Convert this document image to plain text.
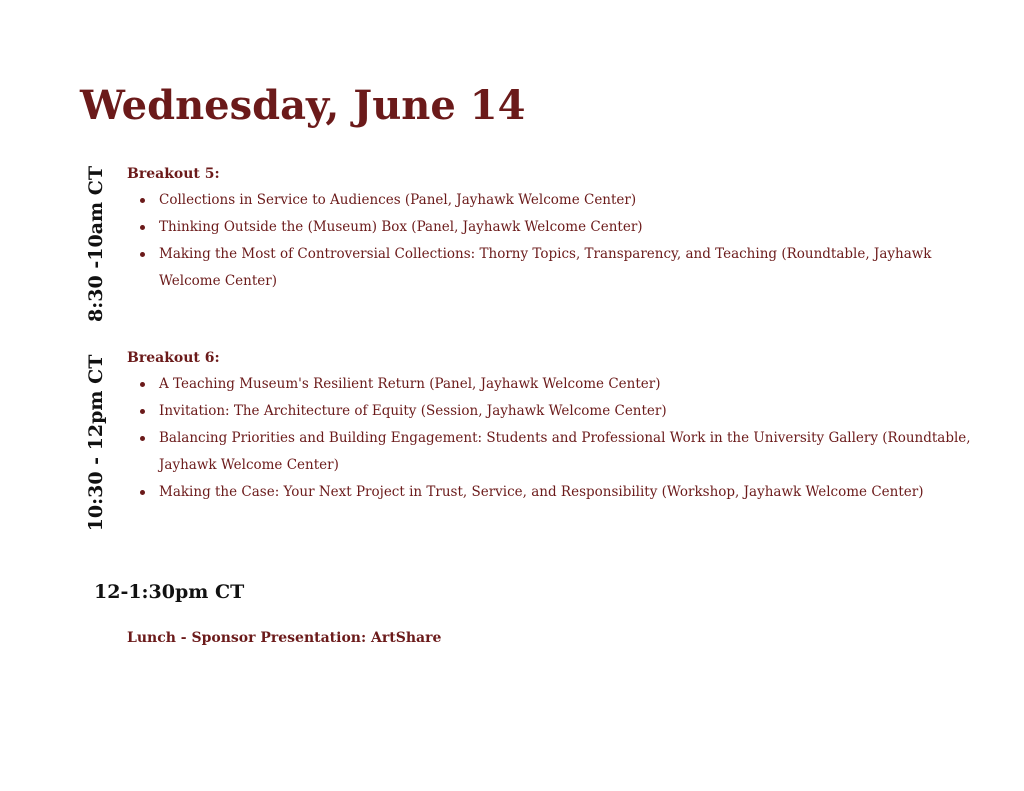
Wednesday, June 14
8:30 -10am CT Breakout 5:

Collections in Service to Audiences (Panel, Jayhawk Welcome Center)
Thinking Outside the (Museum) Box (Panel, Jayhawk Welcome Center)
Making the Most of Controversial Collections: Thorny Topics, Transparency, and Teaching (Roundtable, Jayhawk Welcome Center)
10:30 - 12pm CT Breakout 6:

A Teaching Museum's Resilient Return (Panel, Jayhawk Welcome Center)
Invitation: The Architecture of Equity (Session, Jayhawk Welcome Center)
Balancing Priorities and Building Engagement: Students and Professional Work in the University Gallery (Roundtable, Jayhawk Welcome Center)
Making the Case: Your Next Project in Trust, Service, and Responsibility (Workshop, Jayhawk Welcome Center)

12-1:30pm CT

Lunch - Sponsor Presentation: ArtShare
